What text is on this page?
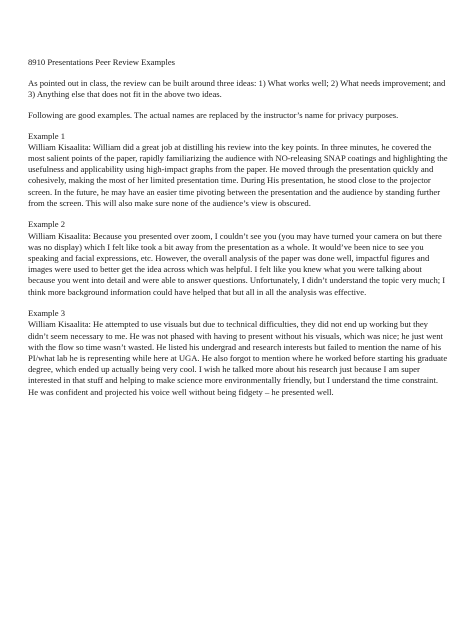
8910 Presentations Peer Review Examples

As pointed out in class, the review can be built around three ideas: 1) What works well; 2) What needs improvement; and 3) Anything else that does not fit in the above two ideas.

Following are good examples. The actual names are replaced by the instructor’s name for privacy purposes.

Example 1
William Kisaalita: William did a great job at distilling his review into the key points. In three minutes, he covered the most salient points of the paper, rapidly familiarizing the audience with NO-releasing SNAP coatings and highlighting the usefulness and applicability using high-impact graphs from the paper. He moved through the presentation quickly and cohesively, making the most of her limited presentation time. During His presentation, he stood close to the projector screen. In the future, he may have an easier time pivoting between the presentation and the audience by standing further from the screen. This will also make sure none of the audience’s view is obscured.
Example 2
William Kisaalita: Because you presented over zoom, I couldn’t see you (you may have turned your camera on but there was no display) which I felt like took a bit away from the presentation as a whole. It would’ve been nice to see you speaking and facial expressions, etc. However, the overall analysis of the paper was done well, impactful figures and images were used to better get the idea across which was helpful. I felt like you knew what you were talking about because you went into detail and were able to answer questions. Unfortunately, I didn’t understand the topic very much; I think more background information could have helped that but all in all the analysis was effective.
Example 3
William Kisaalita: He attempted to use visuals but due to technical difficulties, they did not end up working but they didn’t seem necessary to me. He was not phased with having to present without his visuals, which was nice; he just went with the flow so time wasn’t wasted. He listed his undergrad and research interests but failed to mention the name of his PI/what lab he is representing while here at UGA. He also forgot to mention where he worked before starting his graduate degree, which ended up actually being very cool. I wish he talked more about his research just because I am super interested in that stuff and helping to make science more environmentally friendly, but I understand the time constraint. He was confident and projected his voice well without being fidgety – he presented well.
